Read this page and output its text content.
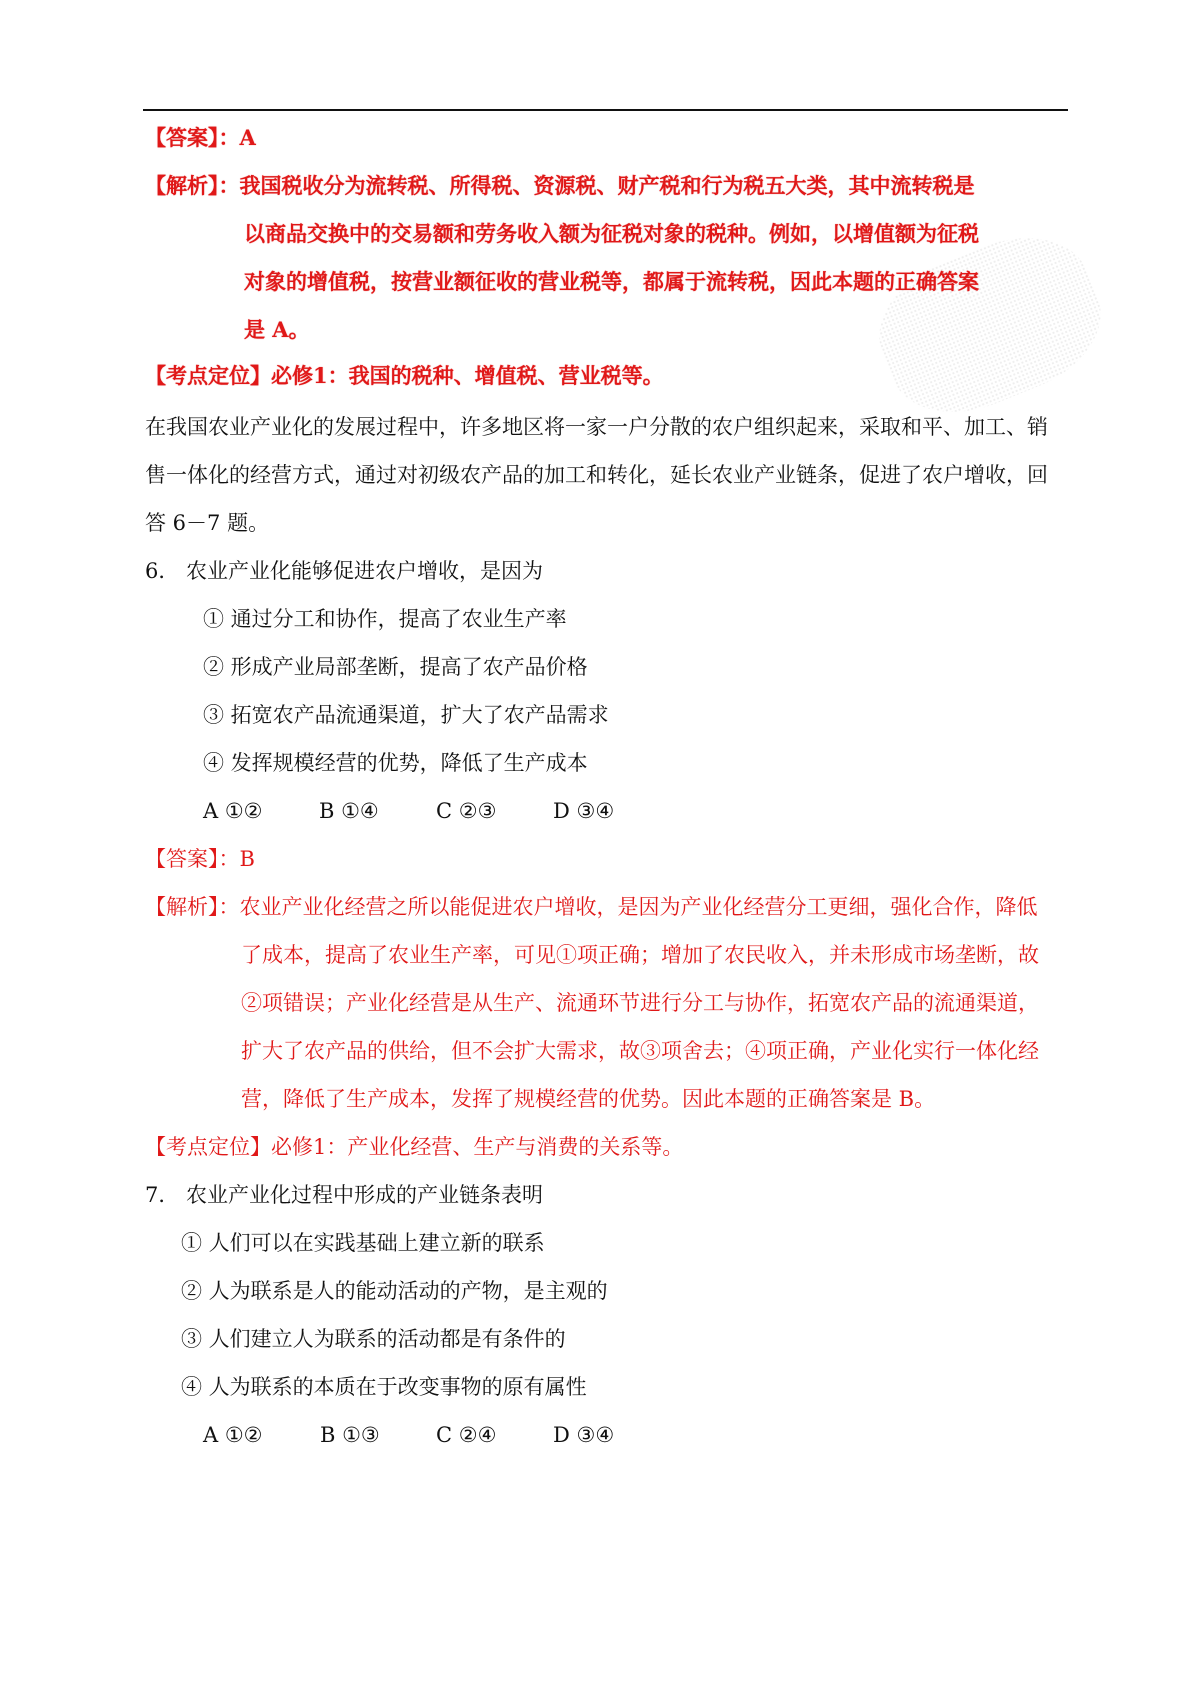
【答案】：A
【解析】：我国税收分为流转税、所得税、资源税、财产税和行为税五大类，其中流转税是
以商品交换中的交易额和劳务收入额为征税对象的税种。例如，以增值额为征税
对象的增值税，按营业额征收的营业税等，都属于流转税，因此本题的正确答案
是 A。
【考点定位】必修1：我国的税种、增值税、营业税等。
在我国农业产业化的发展过程中，许多地区将一家一户分散的农户组织起来，采取和平、加工、销
售一体化的经营方式，通过对初级农产品的加工和转化，延长农业产业链条，促进了农户增收，回
答 6－7 题。
6． 农业产业化能够促进农户增收，是因为
① 通过分工和协作，提高了农业生产率
② 形成产业局部垄断，提高了农产品价格
③ 拓宽农产品流通渠道，扩大了农产品需求
④ 发挥规模经营的优势，降低了生产成本
A ①②	B ①④	C ②③	D ③④
【答案】：B
【解析】：农业产业化经营之所以能促进农户增收，是因为产业化经营分工更细，强化合作，降低
了成本，提高了农业生产率，可见①项正确；增加了农民收入，并未形成市场垄断，故
②项错误；产业化经营是从生产、流通环节进行分工与协作，拓宽农产品的流通渠道，
扩大了农产品的供给，但不会扩大需求，故③项舍去；④项正确，产业化实行一体化经
营，降低了生产成本，发挥了规模经营的优势。因此本题的正确答案是 B。
【考点定位】必修1：产业化经营、生产与消费的关系等。
7． 农业产业化过程中形成的产业链条表明
① 人们可以在实践基础上建立新的联系
② 人为联系是人的能动活动的产物，是主观的
③ 人们建立人为联系的活动都是有条件的
④ 人为联系的本质在于改变事物的原有属性
A ①②	B ①③	C ②④	D ③④
